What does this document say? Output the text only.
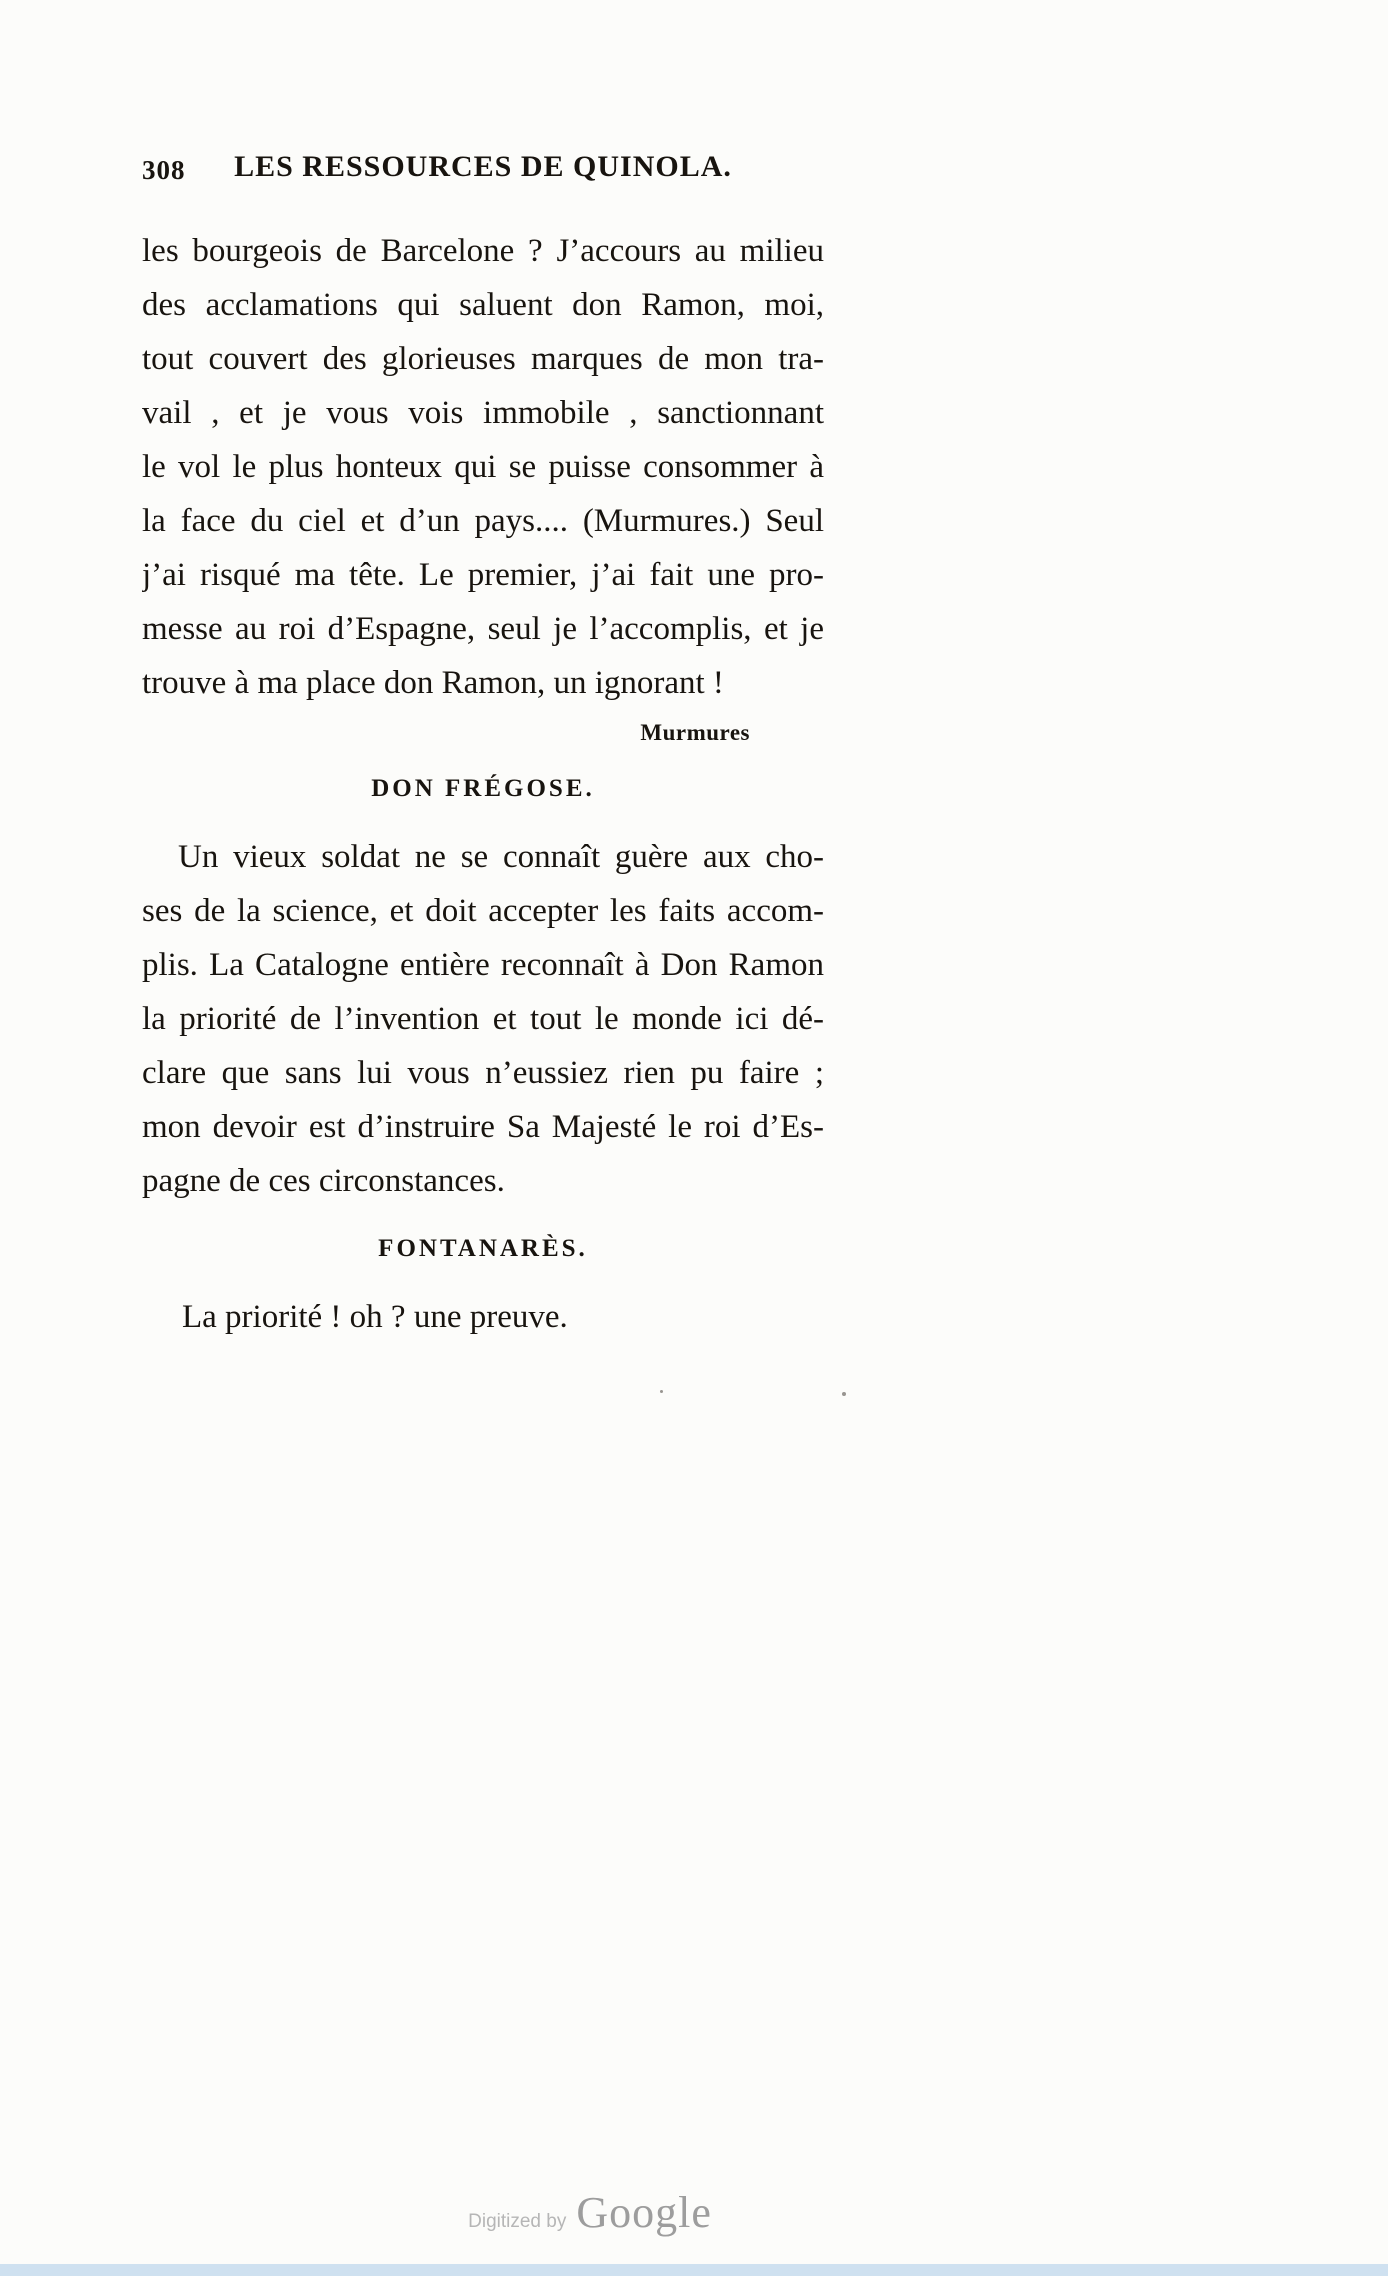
308	LES RESSOURCES DE QUINOLA.
les bourgeois de Barcelone ? J’accours au milieu
des acclamations qui saluent don Ramon, moi,
tout couvert des glorieuses marques de mon tra-
vail , et je vous vois immobile , sanctionnant
le vol le plus honteux qui se puisse consommer à
la face du ciel et d’un pays.... (Murmures.) Seul
j’ai risqué ma tête. Le premier, j’ai fait une pro-
messe au roi d’Espagne, seul je l’accomplis, et je
trouve à ma place don Ramon, un ignorant !
Murmures
DON FRÉGOSE.
Un vieux soldat ne se connaît guère aux cho-
ses de la science, et doit accepter les faits accom-
plis. La Catalogne entière reconnaît à Don Ramon
la priorité de l’invention et tout le monde ici dé-
clare que sans lui vous n’eussiez rien pu faire ;
mon devoir est d’instruire Sa Majesté le roi d’Es-
pagne de ces circonstances.
FONTANARÈS.
La priorité ! oh ? une preuve.
Digitized by Google
